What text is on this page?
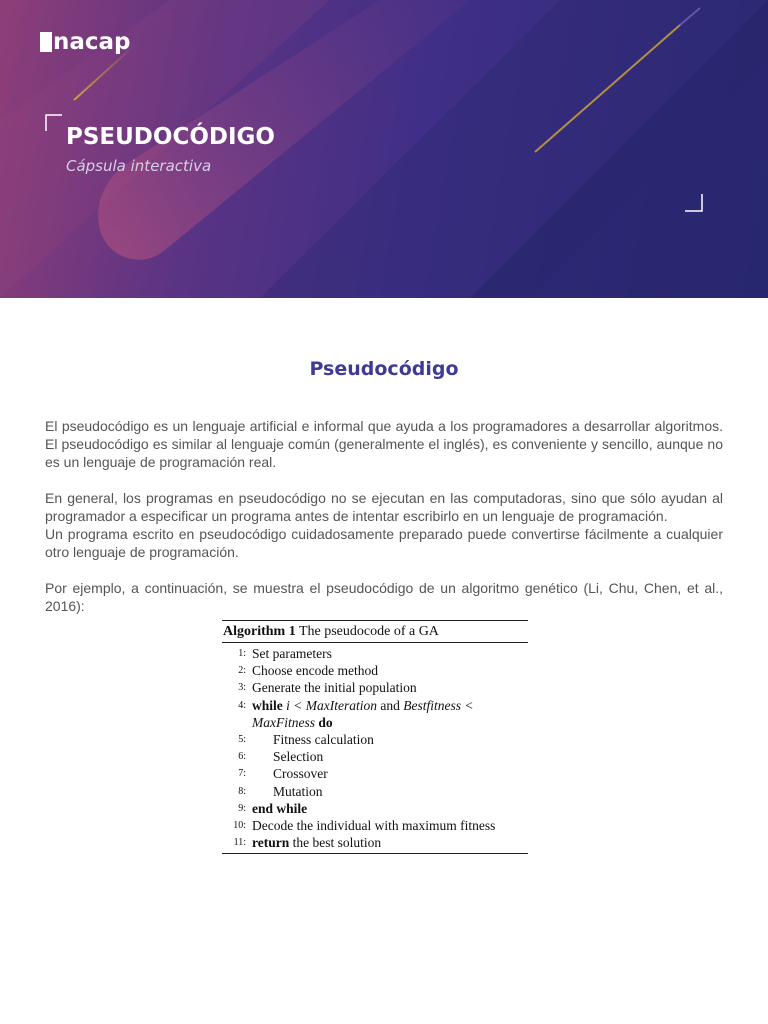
nacap
PSEUDOCÓDIGO

Cápsula interactiva

Pseudocódigo

El pseudocódigo es un lenguaje artificial e informal que ayuda a los programadores a desarrollar algoritmos. El pseudocódigo es similar al lenguaje común (generalmente el inglés), es conveniente y sencillo, aunque no es un lenguaje de programación real.

En general, los programas en pseudocódigo no se ejecutan en las computadoras, sino que sólo ayudan al programador a especificar un programa antes de intentar escribirlo en un lenguaje de programación.

Un programa escrito en pseudocódigo cuidadosamente preparado puede convertirse fácilmente a cualquier otro lenguaje de programación.

Por ejemplo, a continuación, se muestra el pseudocódigo de un algoritmo genético (Li, Chu, Chen, et al., 2016):

Algorithm 1 The pseudocode of a GA
1: Set parameters
2: Choose encode method
3: Generate the initial population
4: while i < MaxIteration and Bestfitness <
MaxFitness do
5:	Fitness calculation
6:	Selection
7:	Crossover
8:	Mutation
9: end while
10: Decode the individual with maximum fitness
11: return the best solution
